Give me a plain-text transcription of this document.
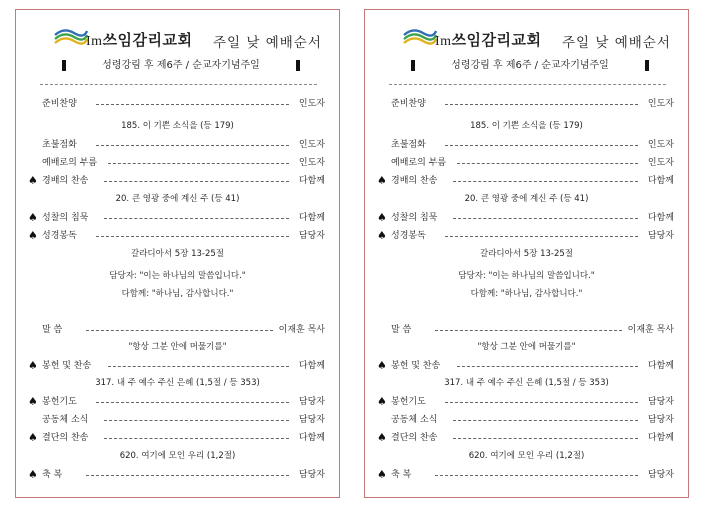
Im쓰임감리교회 주일 낮 예배순서
성령강림 후 제6주 / 순교자기념주일
준비찬양	인도자
185. 이 기쁜 소식을 (등 179)
초불점화	인도자
예배로의 부름	인도자
♠ 경배의 찬송	다함께
20. 큰 영광 중에 계신 주 (등 41)
♠ 성찰의 침묵	다함께
♠ 성경봉독	담당자
갈라디아서 5장 13-25절
담당자: "이는 하나님의 말씀입니다."
다함께: "하나님, 감사합니다."
말 씀	이재훈 목사
"항상 그분 안에 머물기를"
♠ 봉헌 및 찬송	다함께
317. 내 주 예수 주신 은혜 (1,5절 / 등 353)
♠ 봉헌기도	담당자
공동체 소식	담당자
♠ 결단의 찬송	다함께
620. 여기에 모인 우리 (1,2절)
♠ 축 복	담당자
Im쓰임감리교회 주일 낮 예배순서
성령강림 후 제6주 / 순교자기념주일
준비찬양	인도자
185. 이 기쁜 소식을 (등 179)
초불점화	인도자
예배로의 부름	인도자
♠ 경배의 찬송	다함께
20. 큰 영광 중에 계신 주 (등 41)
♠ 성찰의 침묵	다함께
♠ 성경봉독	담당자
갈라디아서 5장 13-25절
담당자: "이는 하나님의 말씀입니다."
다함께: "하나님, 감사합니다."
말 씀	이재훈 목사
"항상 그분 안에 머물기를"
♠ 봉헌 및 찬송	다함께
317. 내 주 예수 주신 은혜 (1,5절 / 등 353)
♠ 봉헌기도	담당자
공동체 소식	담당자
♠ 결단의 찬송	다함께
620. 여기에 모인 우리 (1,2절)
♠ 축 복	담당자
